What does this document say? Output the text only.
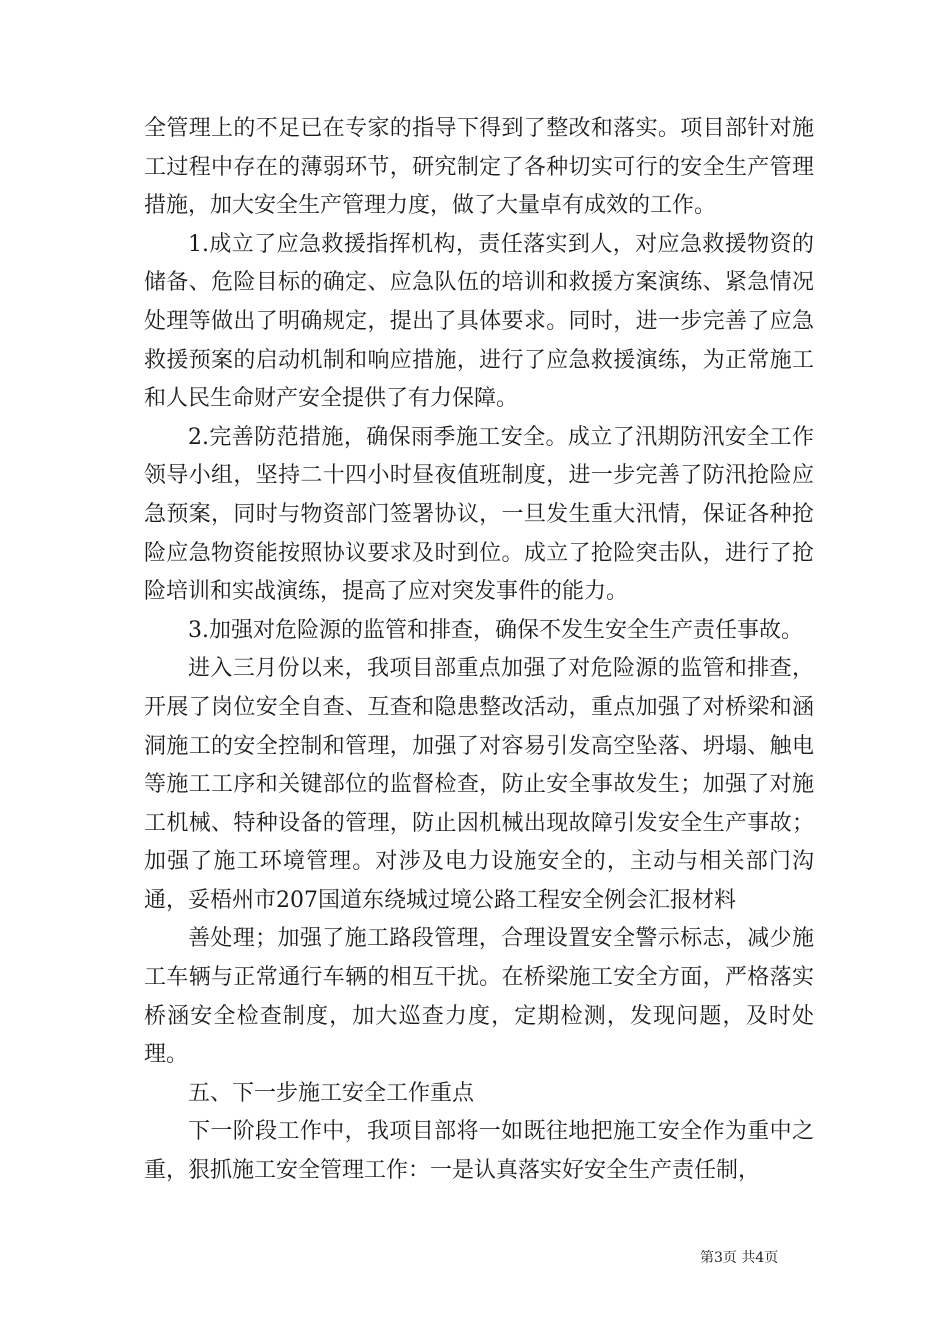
全管理上的不足已在专家的指导下得到了整改和落实。项目部针对施工过程中存在的薄弱环节，研究制定了各种切实可行的安全生产管理措施，加大安全生产管理力度，做了大量卓有成效的工作。

1.成立了应急救援指挥机构，责任落实到人，对应急救援物资的储备、危险目标的确定、应急队伍的培训和救援方案演练、紧急情况处理等做出了明确规定，提出了具体要求。同时，进一步完善了应急救援预案的启动机制和响应措施，进行了应急救援演练，为正常施工和人民生命财产安全提供了有力保障。

2.完善防范措施，确保雨季施工安全。成立了汛期防汛安全工作领导小组，坚持二十四小时昼夜值班制度，进一步完善了防汛抢险应急预案，同时与物资部门签署协议，一旦发生重大汛情，保证各种抢险应急物资能按照协议要求及时到位。成立了抢险突击队，进行了抢险培训和实战演练，提高了应对突发事件的能力。

3.加强对危险源的监管和排查，确保不发生安全生产责任事故。

进入三月份以来，我项目部重点加强了对危险源的监管和排查，开展了岗位安全自查、互查和隐患整改活动，重点加强了对桥梁和涵洞施工的安全控制和管理，加强了对容易引发高空坠落、坍塌、触电等施工工序和关键部位的监督检查，防止安全事故发生；加强了对施工机械、特种设备的管理，防止因机械出现故障引发安全生产事故；加强了施工环境管理。对涉及电力设施安全的，主动与相关部门沟通，妥梧州市207国道东绕城过境公路工程安全例会汇报材料

善处理；加强了施工路段管理，合理设置安全警示标志，减少施工车辆与正常通行车辆的相互干扰。在桥梁施工安全方面，严格落实桥涵安全检查制度，加大巡查力度，定期检测，发现问题，及时处理。

五、下一步施工安全工作重点

下一阶段工作中，我项目部将一如既往地把施工安全作为重中之重，狠抓施工安全管理工作：一是认真落实好安全生产责任制，

第3页 共4页
